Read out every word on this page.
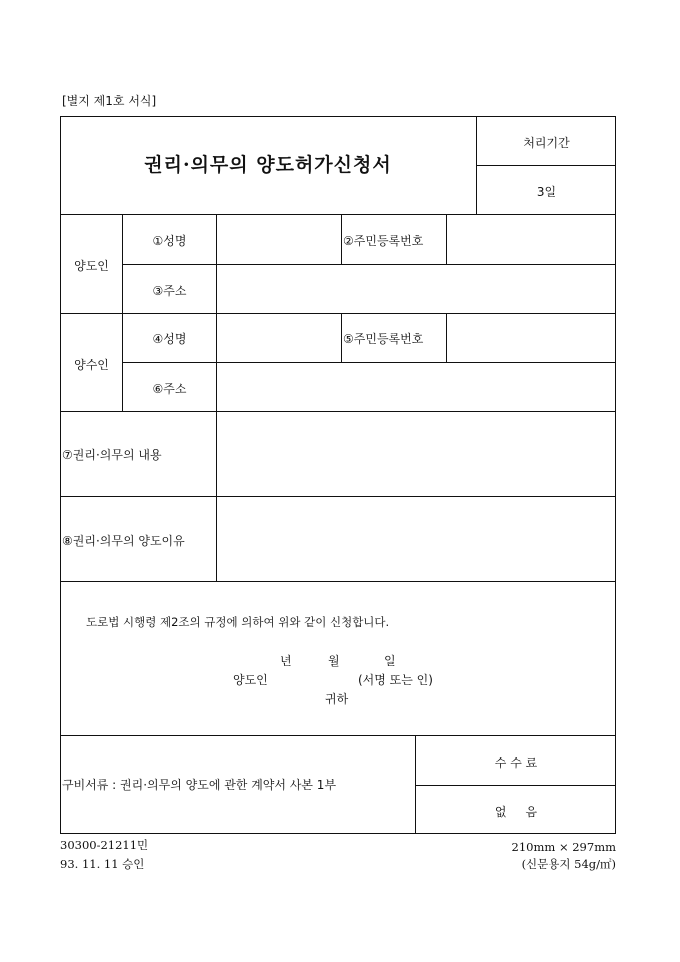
[별지 제1호 서식]
권리·의무의 양도허가신청서
처리기간
3일
양도인
①성명	②주민등록번호
③주소
양수인
④성명	⑤주민등록번호
⑥주소
⑦권리·의무의 내용
⑧권리·의무의 양도이유
도로법 시행령 제2조의 규정에 의하여 위와 같이 신청합니다.
년	월	일
양도인	(서명 또는 인)
귀하
구비서류 : 권리·의무의 양도에 관한 계약서 사본 1부
수 수 료
없     음
30300-21211민
93. 11. 11 승인
210mm × 297mm
(신문용지 54g/㎡)
